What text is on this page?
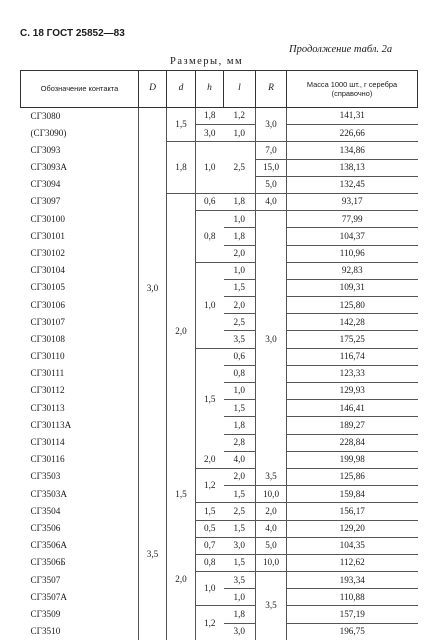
С. 18 ГОСТ 25852—83
Продолжение табл. 2а
Размеры, мм
Обозначение контакта	D	d	h	l	R	Масса 1000 шт., г серебра (справочно)
СГ3080	3,0	1,5	1,8	1,2	3,0	141,31
(СГ3090)			3,0	1,0		226,66
СГ3093		1,8	1,0	2,5	7,0	134,86
СГ3093А					15,0	138,13
СГ3094					5,0	132,45
СГ3097		2,0	0,6	1,8	4,0	93,17
СГ30100			0,8	1,0	3,0	77,99
СГ30101				1,8		104,37
СГ30102				2,0		110,96
СГ30104			1,0	1,0		92,83
СГ30105				1,5		109,31
СГ30106				2,0		125,80
СГ30107				2,5		142,28
СГ30108				3,5		175,25
СГ30110			1,5	0,6		116,74
СГ30111				0,8		123,33
СГ30112				1,0		129,93
СГ30113				1,5		146,41
СГ30113А				1,8		189,27
СГ30114				2,8		228,84
СГ30116			2,0	4,0		199,98
СГ3503	3,5	1,5	1,2	2,0	3,5	125,86
СГ3503А				1,5	10,0	159,84
СГ3504			1,5	2,5	2,0	156,17
СГ3506		2,0	0,5	1,5	4,0	129,20
СГ3506А			0,7	3,0	5,0	104,35
СГ3506Б			0,8	1,5	10,0	112,62
СГ3507			1,0	3,5	3,5	193,34
СГ3507А				1,0		110,88
СГ3509			1,2	1,8		157,19
СГ3510				3,0		196,75
